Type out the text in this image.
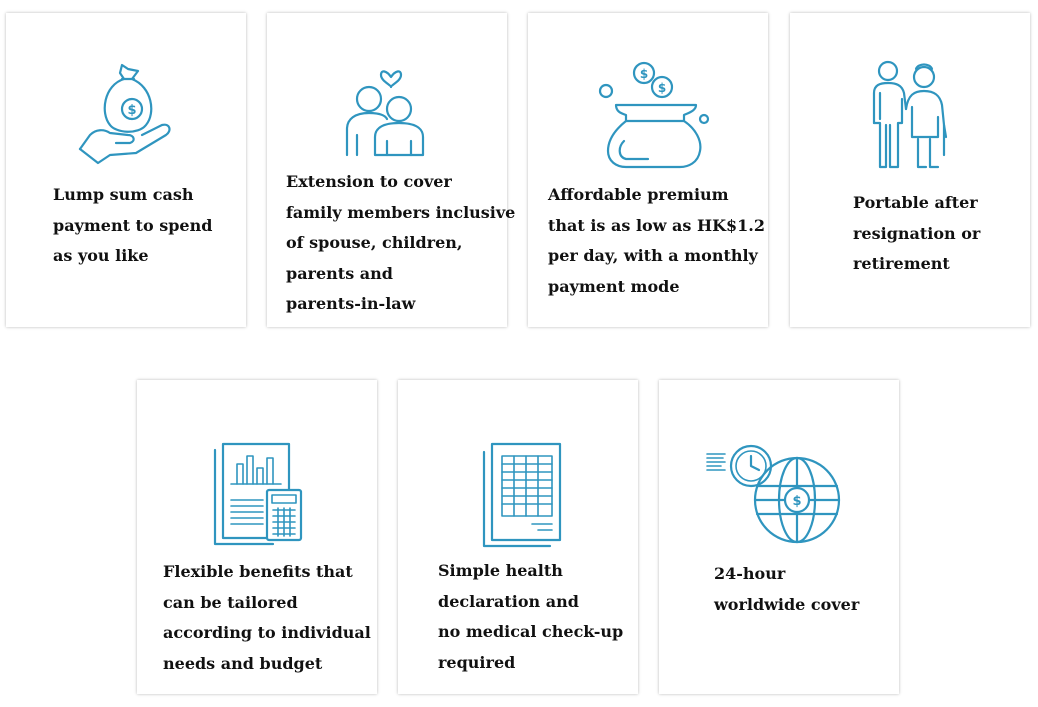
$
Lump sum cash
payment to spend
as you like
Extension to cover
family members inclusive
of spouse, children,
parents and
parents-in-law
$
$
Affordable premium
that is as low as HK$1.2
per day, with a monthly
payment mode
Portable after
resignation or
retirement
Flexible benefits that
can be tailored
according to individual
needs and budget
Simple health
declaration and
no medical check-up
required
$
24-hour
worldwide cover
